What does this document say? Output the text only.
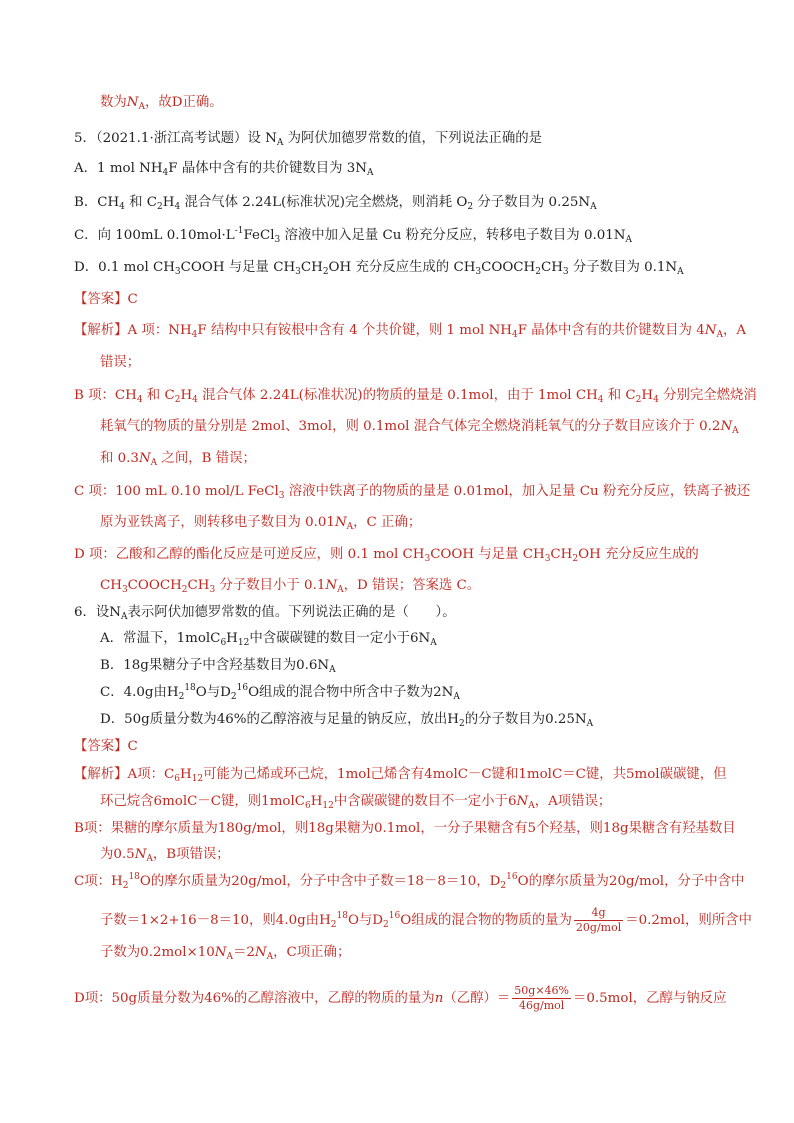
数为$N_A$，故D正确。
5．（2021.1·浙江高考试题）设 $N_A$ 为阿伏加德罗常数的值，下列说法正确的是
A．1 mol $NH_4F$ 晶体中含有的共价键数目为 $3N_A$
B．$CH_4$ 和 $C_2H_4$ 混合气体 2.24L(标准状况)完全燃烧，则消耗 $O_2$ 分子数目为 $0.25N_A$
C．向 100mL $0.10mol\cdot L^{-1}FeCl_3$ 溶液中加入足量 Cu 粉充分反应，转移电子数目为 $0.01N_A$
D．0.1 mol $CH_3COOH$ 与足量 $CH_3CH_2OH$ 充分反应生成的 $CH_3COOCH_2CH_3$ 分子数目为 $0.1N_A$
【答案】C
【解析】A 项：$NH_4F$ 结构中只有铵根中含有 4 个共价键，则 1 mol $NH_4F$ 晶体中含有的共价键数目为 $4N_A$，A
错误；
B 项：$CH_4$ 和 $C_2H_4$ 混合气体 2.24L(标准状况)的物质的量是 0.1mol，由于 1mol $CH_4$ 和 $C_2H_4$ 分别完全燃烧消
耗氧气的物质的量分别是 2mol、3mol，则 0.1mol 混合气体完全燃烧消耗氧气的分子数目应该介于 $0.2N_A$
和 $0.3N_A$ 之间，B 错误；
C 项：100 mL 0.10 mol/L FeCl$_3$ 溶液中铁离子的物质的量是 0.01mol，加入足量 Cu 粉充分反应，铁离子被还
原为亚铁离子，则转移电子数目为 $0.01N_A$，C 正确；
D 项：乙酸和乙醇的酯化反应是可逆反应，则 0.1 mol $CH_3COOH$ 与足量 $CH_3CH_2OH$ 充分反应生成的
$CH_3COOCH_2CH_3$ 分子数目小于 $0.1N_A$，D 错误；答案选 C。
6．设$N_A$表示阿伏加德罗常数的值。下列说法正确的是（　　）。
A．常温下，$1molC_6H_{12}$中含碳碳键的数目一定小于$6N_A$
B．18g果糖分子中含羟基数目为$0.6N_A$
C．4.0g由$H_2^{18}O$与$D_2^{16}O$组成的混合物中所含中子数为$2N_A$
D．50g质量分数为46%的乙醇溶液与足量的钠反应，放出$H_2$的分子数目为$0.25N_A$
【答案】C
【解析】A项：$C_6H_{12}$可能为己烯或环己烷，1mol己烯含有4molC－C键和1molC＝C键，共5mol碳碳键，但
环己烷含6molC－C键，则$1molC_6H_{12}$中含碳碳键的数目不一定小于$6N_A$，A项错误；
B项：果糖的摩尔质量为180g/mol，则18g果糖为0.1mol，一分子果糖含有5个羟基，则18g果糖含有羟基数目
为$0.5N_A$，B项错误；
C项：$H_2^{18}O$的摩尔质量为20g/mol，分子中含中子数＝18－8＝10，$D_2^{16}O$的摩尔质量为20g/mol，分子中含中
子数＝1×2+16－8＝10，则4.0g由$H_2^{18}O$与$D_2^{16}O$组成的混合物的物质的量为 $\frac{4g}{\text{20g/mol}} =0.2mol$，则所含中
子数为$0.2mol\times 10N_A=2N_A$，C项正确；
D项：50g质量分数为46%的乙醇溶液中，乙醇的物质的量为n（乙醇）＝ $\frac{50g\times 46\%}{\text{46g/mol}} =0.5mol$，乙醇与钠反应
